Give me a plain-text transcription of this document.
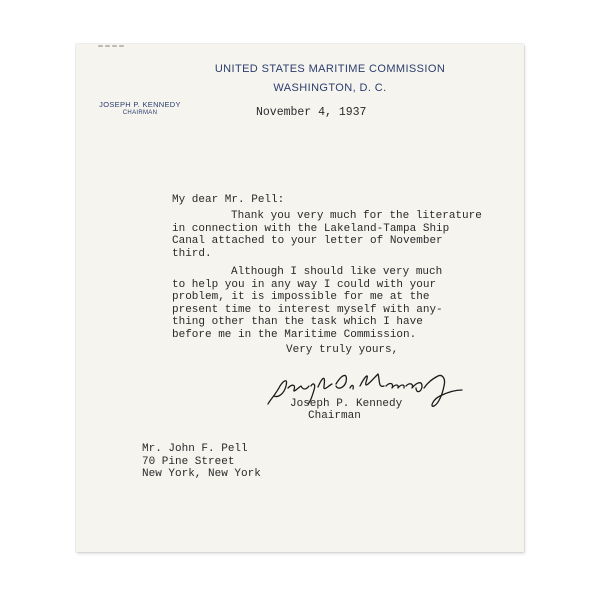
UNITED STATES MARITIME COMMISSION
WASHINGTON, D. C.
JOSEPH P. KENNEDY
CHAIRMAN	November 4, 1937
My dear Mr. Pell:
Thank you very much for the literature
in connection with the Lakeland-Tampa Ship
Canal attached to your letter of November
third.
Although I should like very much
to help you in any way I could with your
problem, it is impossible for me at the
present time to interest myself with any-
thing other than the task which I have
before me in the Maritime Commission.
Very truly yours,
Joseph P. Kennedy
Chairman
Mr. John F. Pell
70 Pine Street
New York, New York
